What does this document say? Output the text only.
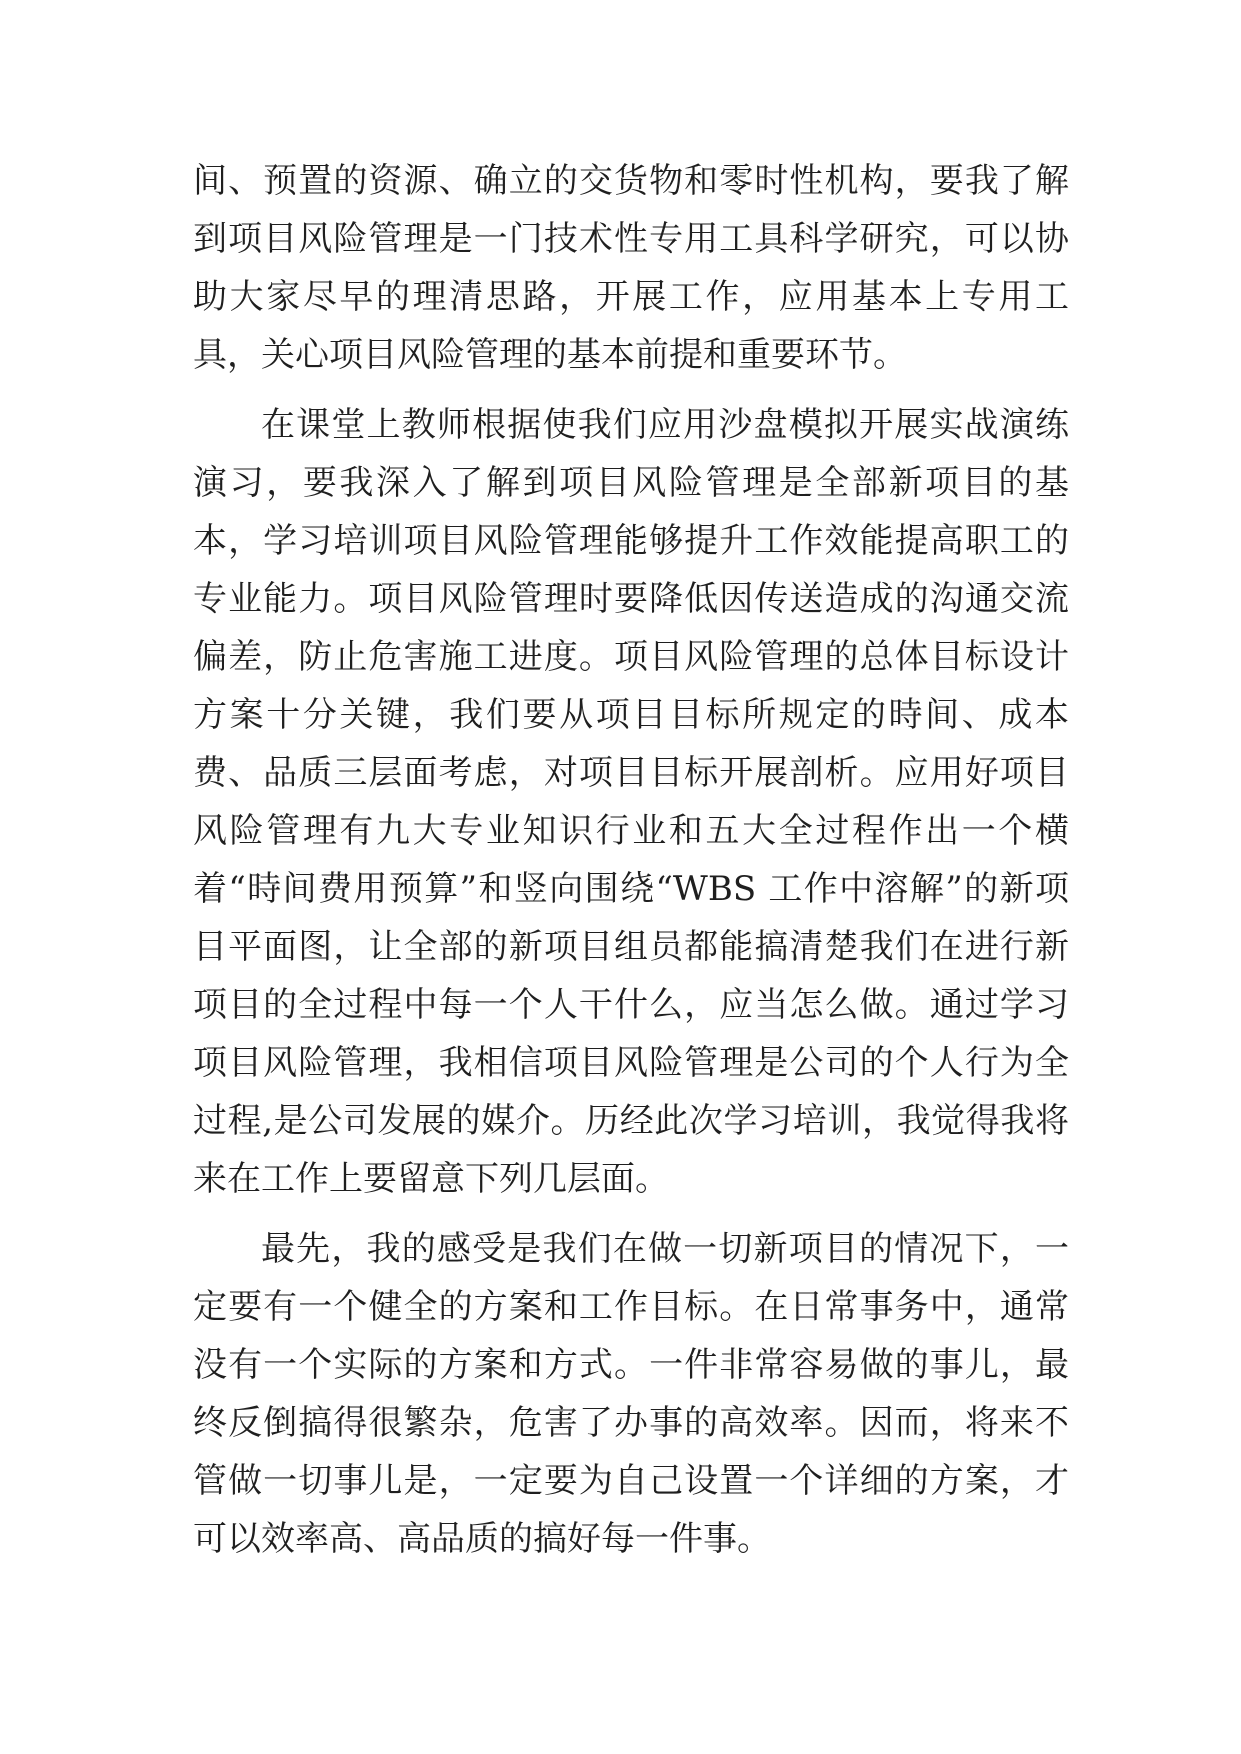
间、预置的资源、确立的交货物和零时性机构，要我了解到项目风险管理是一门技术性专用工具科学研究，可以协助大家尽早的理清思路，开展工作，应用基本上专用工具，关心项目风险管理的基本前提和重要环节。

在课堂上教师根据使我们应用沙盘模拟开展实战演练演习，要我深入了解到项目风险管理是全部新项目的基本，学习培训项目风险管理能够提升工作效能提高职工的专业能力。项目风险管理时要降低因传送造成的沟通交流偏差，防止危害施工进度。项目风险管理的总体目标设计方案十分关键，我们要从项目目标所规定的時间、成本费、品质三层面考虑，对项目目标开展剖析。应用好项目风险管理有九大专业知识行业和五大全过程作出一个横着“時间费用预算”和竖向围绕“WBS 工作中溶解”的新项目平面图，让全部的新项目组员都能搞清楚我们在进行新项目的全过程中每一个人干什么，应当怎么做。通过学习项目风险管理，我相信项目风险管理是公司的个人行为全过程,是公司发展的媒介。历经此次学习培训，我觉得我将来在工作上要留意下列几层面。

最先，我的感受是我们在做一切新项目的情况下，一定要有一个健全的方案和工作目标。在日常事务中，通常没有一个实际的方案和方式。一件非常容易做的事儿，最终反倒搞得很繁杂，危害了办事的高效率。因而，将来不管做一切事儿是，一定要为自己设置一个详细的方案，才可以效率高、高品质的搞好每一件事。
